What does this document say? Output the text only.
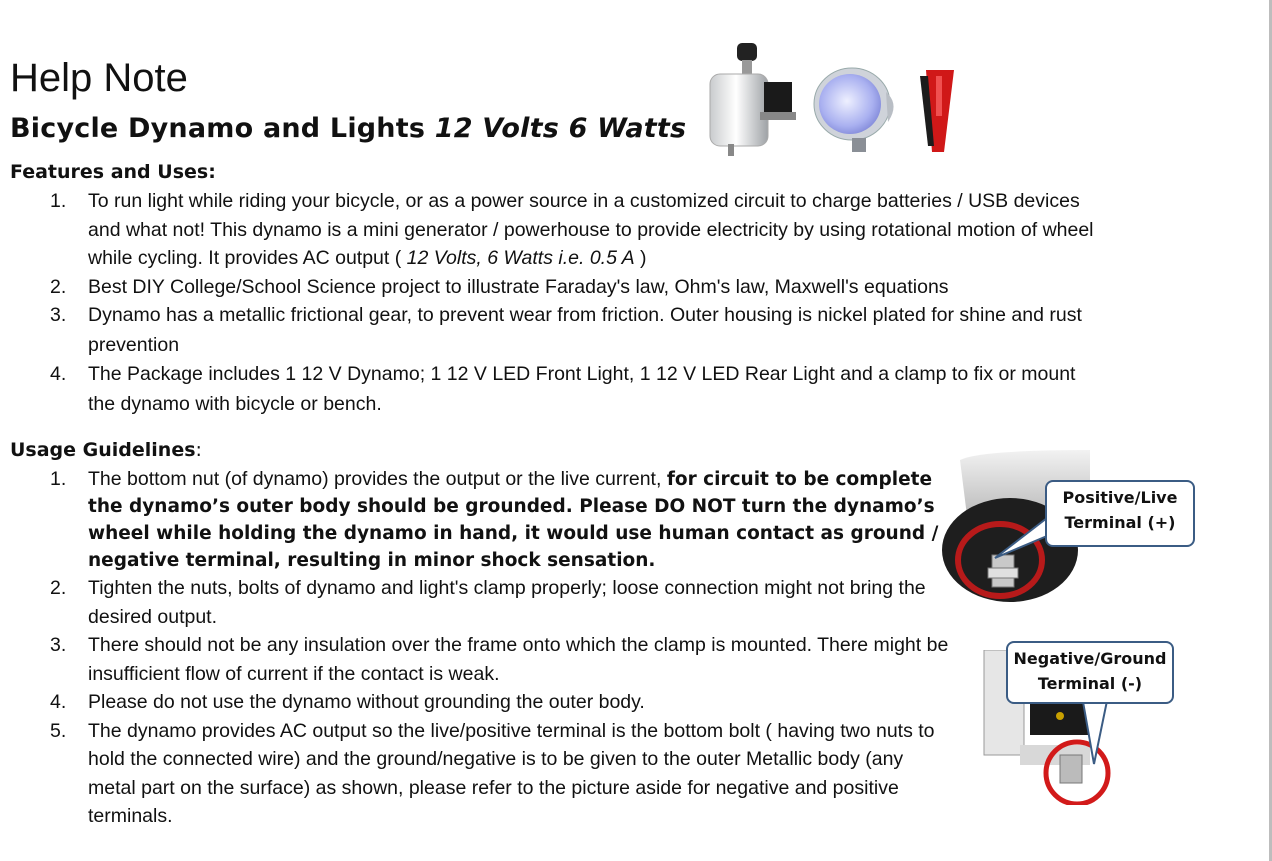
Help Note
Bicycle Dynamo and Lights 12 Volts 6 Watts
Features and Uses:
1. To run light while riding your bicycle, or as a power source in a customized circuit to charge batteries / USB devices and what not! This dynamo is a mini generator / powerhouse to provide electricity by using rotational motion of wheel while cycling. It provides AC output ( 12 Volts, 6 Watts i.e. 0.5 A )
2. Best DIY College/School Science project to illustrate Faraday's law, Ohm's law, Maxwell's equations
3. Dynamo has a metallic frictional gear, to prevent wear from friction. Outer housing is nickel plated for shine and rust prevention
4. The Package includes 1 12 V Dynamo; 1 12 V LED Front Light, 1 12 V LED Rear Light and a clamp to fix or mount the dynamo with bicycle or bench.
Usage Guidelines:
1. The bottom nut (of dynamo) provides the output or the live current, for circuit to be complete the dynamo’s outer body should be grounded. Please DO NOT turn the dynamo’s wheel while holding the dynamo in hand, it would use human contact as ground / negative terminal, resulting in minor shock sensation.
2. Tighten the nuts, bolts of dynamo and light's clamp properly; loose connection might not bring the desired output.
3. There should not be any insulation over the frame onto which the clamp is mounted. There might be insufficient flow of current if the contact is weak.
4. Please do not use the dynamo without grounding the outer body.
5. The dynamo provides AC output so the live/positive terminal is the bottom bolt ( having two nuts to hold the connected wire) and the ground/negative is to be given to the outer Metallic body (any metal part on the surface) as shown, please refer to the picture aside for negative and positive terminals.
Positive/Live
Terminal (+)
Negative/Ground
Terminal (-)
